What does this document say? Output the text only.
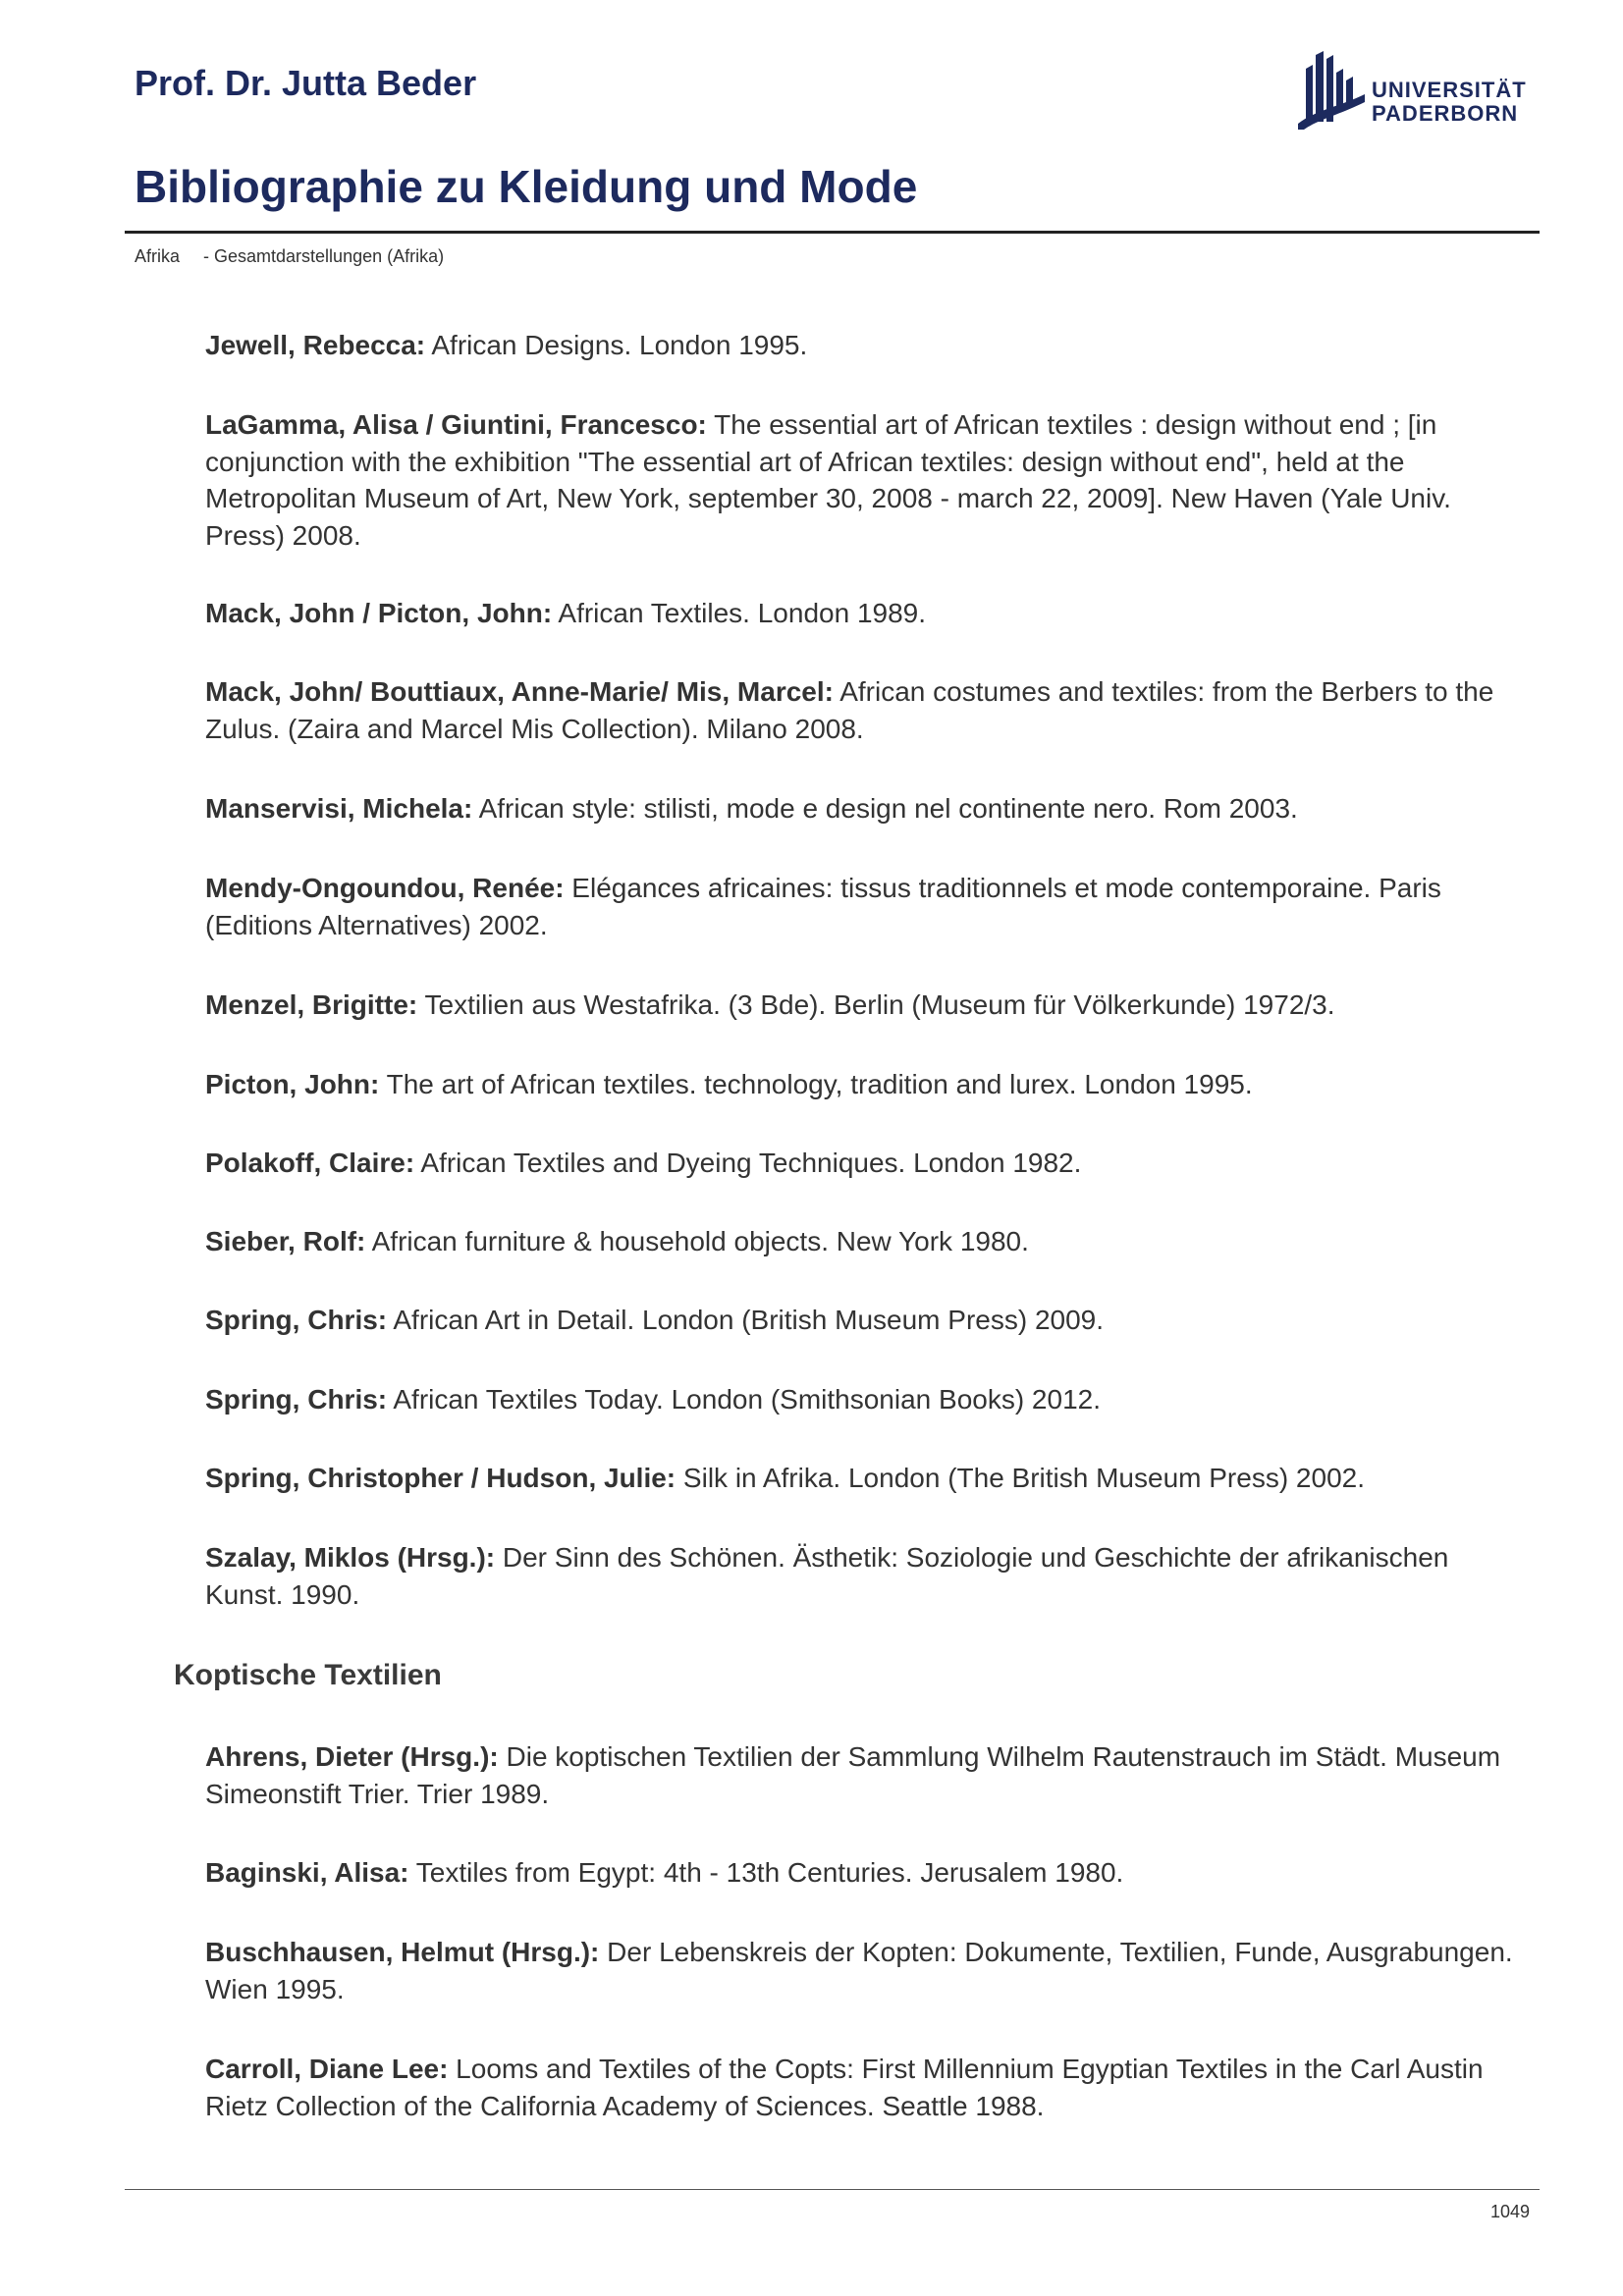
Prof. Dr. Jutta Beder	UNIVERSITÄT
PADERBORN
Bibliographie zu Kleidung und Mode
Afrika - Gesamtdarstellungen (Afrika)

Jewell, Rebecca: African Designs. London 1995.

LaGamma, Alisa / Giuntini, Francesco: The essential art of African textiles : design without end ; [in conjunction with the exhibition "The essential art of African textiles: design without end", held at the Metropolitan Museum of Art, New York, september 30, 2008 - march 22, 2009]. New Haven (Yale Univ. Press) 2008.

Mack, John / Picton, John: African Textiles. London 1989.

Mack, John/ Bouttiaux, Anne-Marie/ Mis, Marcel: African costumes and textiles: from the Berbers to the Zulus. (Zaira and Marcel Mis Collection). Milano 2008.

Manservisi, Michela: African style: stilisti, mode e design nel continente nero. Rom 2003.

Mendy-Ongoundou, Renée: Elégances africaines: tissus traditionnels et mode contemporaine. Paris (Editions Alternatives) 2002.

Menzel, Brigitte: Textilien aus Westafrika. (3 Bde). Berlin (Museum für Völkerkunde) 1972/3.

Picton, John: The art of African textiles. technology, tradition and lurex. London 1995.

Polakoff, Claire: African Textiles and Dyeing Techniques. London 1982.

Sieber, Rolf: African furniture & household objects. New York 1980.

Spring, Chris: African Art in Detail. London (British Museum Press) 2009.

Spring, Chris: African Textiles Today. London (Smithsonian Books) 2012.

Spring, Christopher / Hudson, Julie: Silk in Afrika. London (The British Museum Press) 2002.

Szalay, Miklos (Hrsg.): Der Sinn des Schönen. Ästhetik: Soziologie und Geschichte der afrikanischen Kunst. 1990.

Koptische Textilien

Ahrens, Dieter (Hrsg.): Die koptischen Textilien der Sammlung Wilhelm Rautenstrauch im Städt. Museum Simeonstift Trier. Trier 1989.

Baginski, Alisa: Textiles from Egypt: 4th - 13th Centuries. Jerusalem 1980.

Buschhausen, Helmut (Hrsg.): Der Lebenskreis der Kopten: Dokumente, Textilien, Funde, Ausgrabungen. Wien 1995.

Carroll, Diane Lee: Looms and Textiles of the Copts: First Millennium Egyptian Textiles in the Carl Austin Rietz Collection of the California Academy of Sciences. Seattle 1988.

1049
